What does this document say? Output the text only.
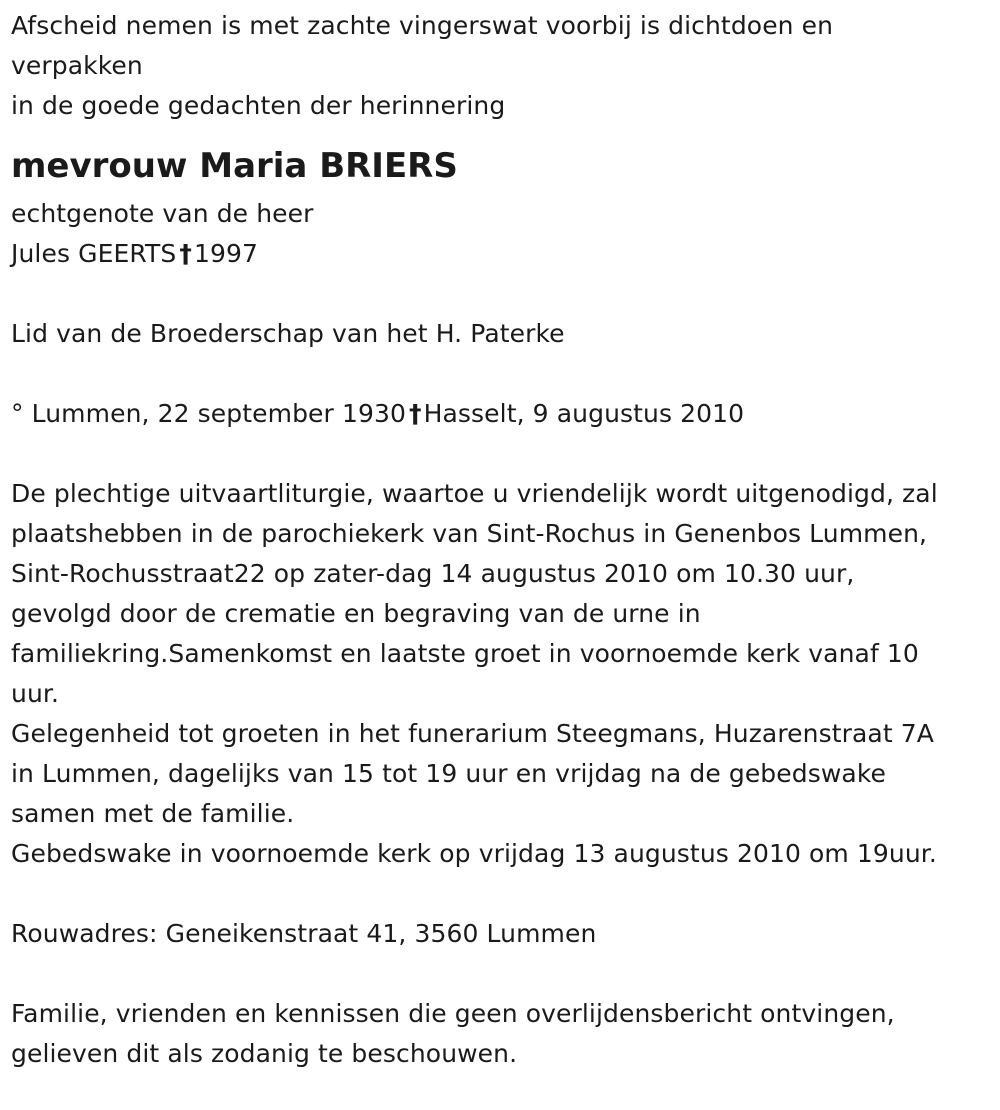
Afscheid nemen is met zachte vingerswat voorbij is dichtdoen en
verpakken
in de goede gedachten der herinnering
mevrouw Maria BRIERS
echtgenote van de heer
Jules GEERTS †1997
Lid van de Broederschap van het H. Paterke
° Lummen, 22 september 1930 †Hasselt, 9 augustus 2010
De plechtige uitvaartliturgie, waartoe u vriendelijk wordt uitgenodigd, zal
plaatshebben in de parochiekerk van Sint-Rochus in Genenbos Lummen,
Sint-Rochusstraat22 op zater-dag 14 augustus 2010 om 10.30 uur,
gevolgd door de crematie en begraving van de urne in
familiekring.Samenkomst en laatste groet in voornoemde kerk vanaf 10
uur.
Gelegenheid tot groeten in het funerarium Steegmans, Huzarenstraat 7A
in Lummen, dagelijks van 15 tot 19 uur en vrijdag na de gebedswake
samen met de familie.
Gebedswake in voornoemde kerk op vrijdag 13 augustus 2010 om 19uur.
Rouwadres: Geneikenstraat 41, 3560 Lummen
Familie, vrienden en kennissen die geen overlijdensbericht ontvingen,
gelieven dit als zodanig te beschouwen.
